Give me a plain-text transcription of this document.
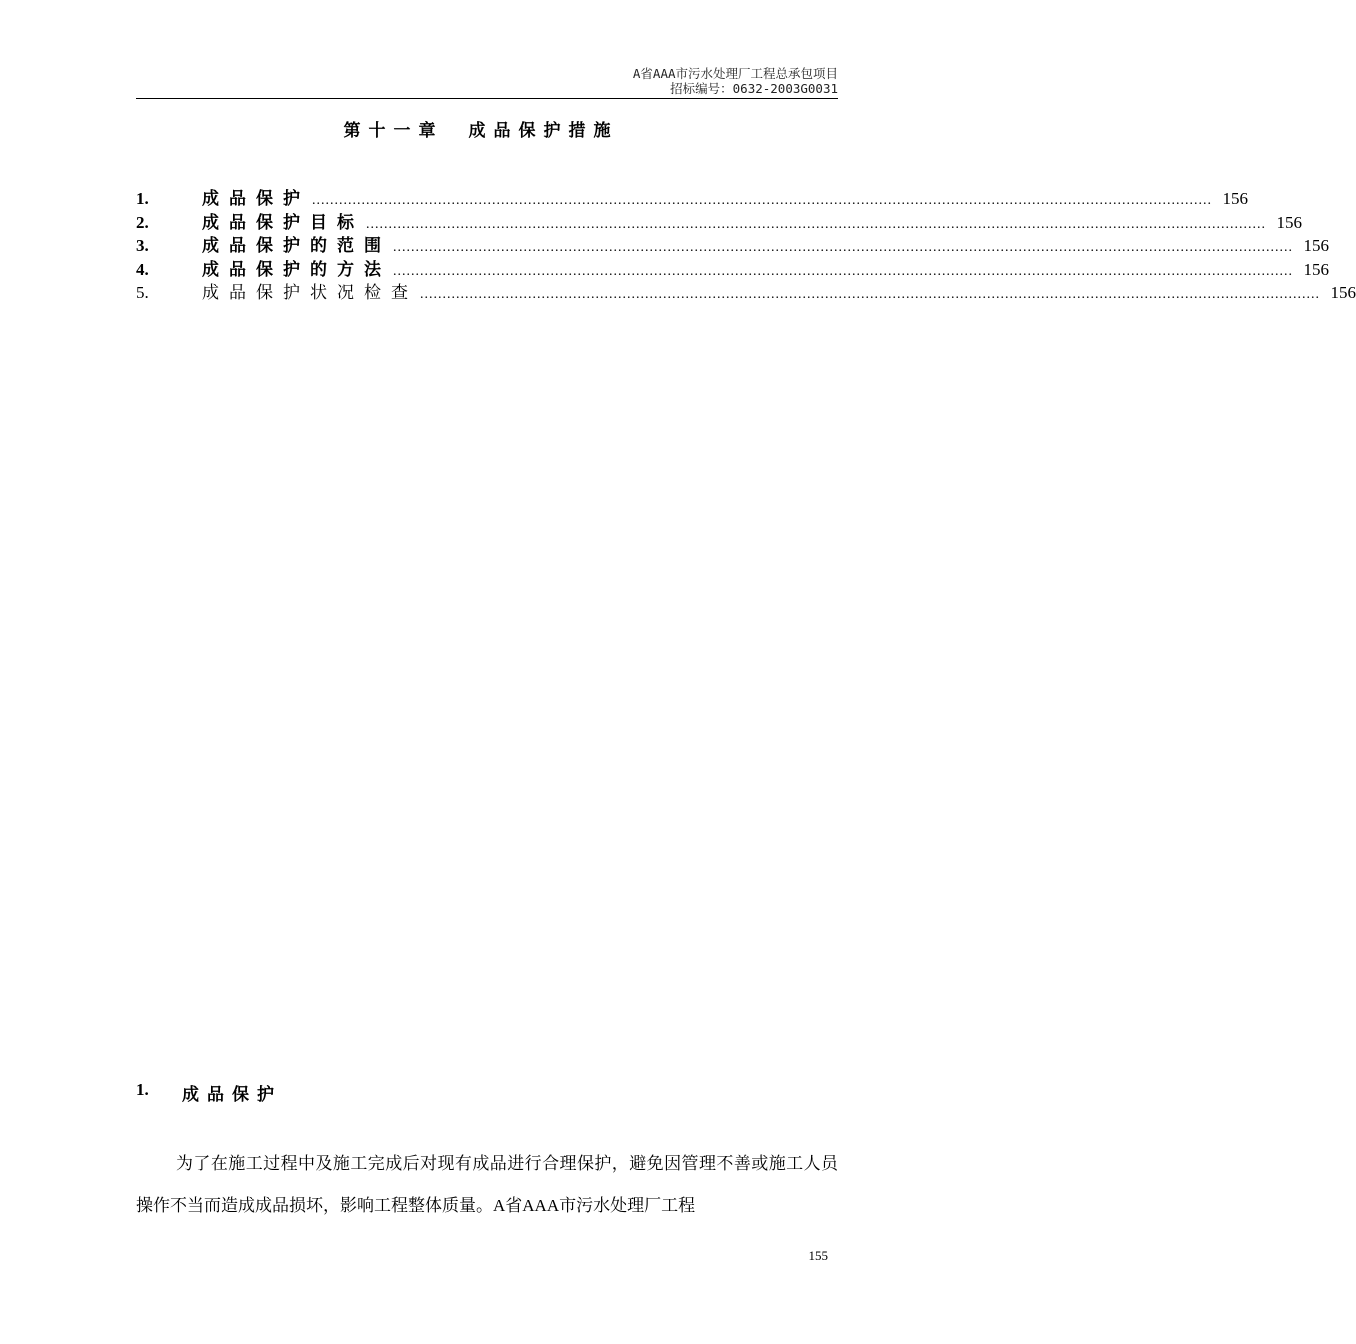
A省AAA市污水处理厂工程总承包项目
招标编号：0632-2003G0031
第十一章　成品保护措施
1.	成品保护 ........................................................................................................................................................................................................ 156
2.	成品保护目标 ........................................................................................................................................................................................................ 156
3.	成品保护的范围 ........................................................................................................................................................................................................ 156
4.	成品保护的方法 ........................................................................................................................................................................................................ 156
5.	成品保护状况检查 ........................................................................................................................................................................................................ 156
1.	成品保护

为了在施工过程中及施工完成后对现有成品进行合理保护，避免因管理不善或施工人员操作不当而造成成品损坏，影响工程整体质量。A省AAA市污水处理厂工程

155
